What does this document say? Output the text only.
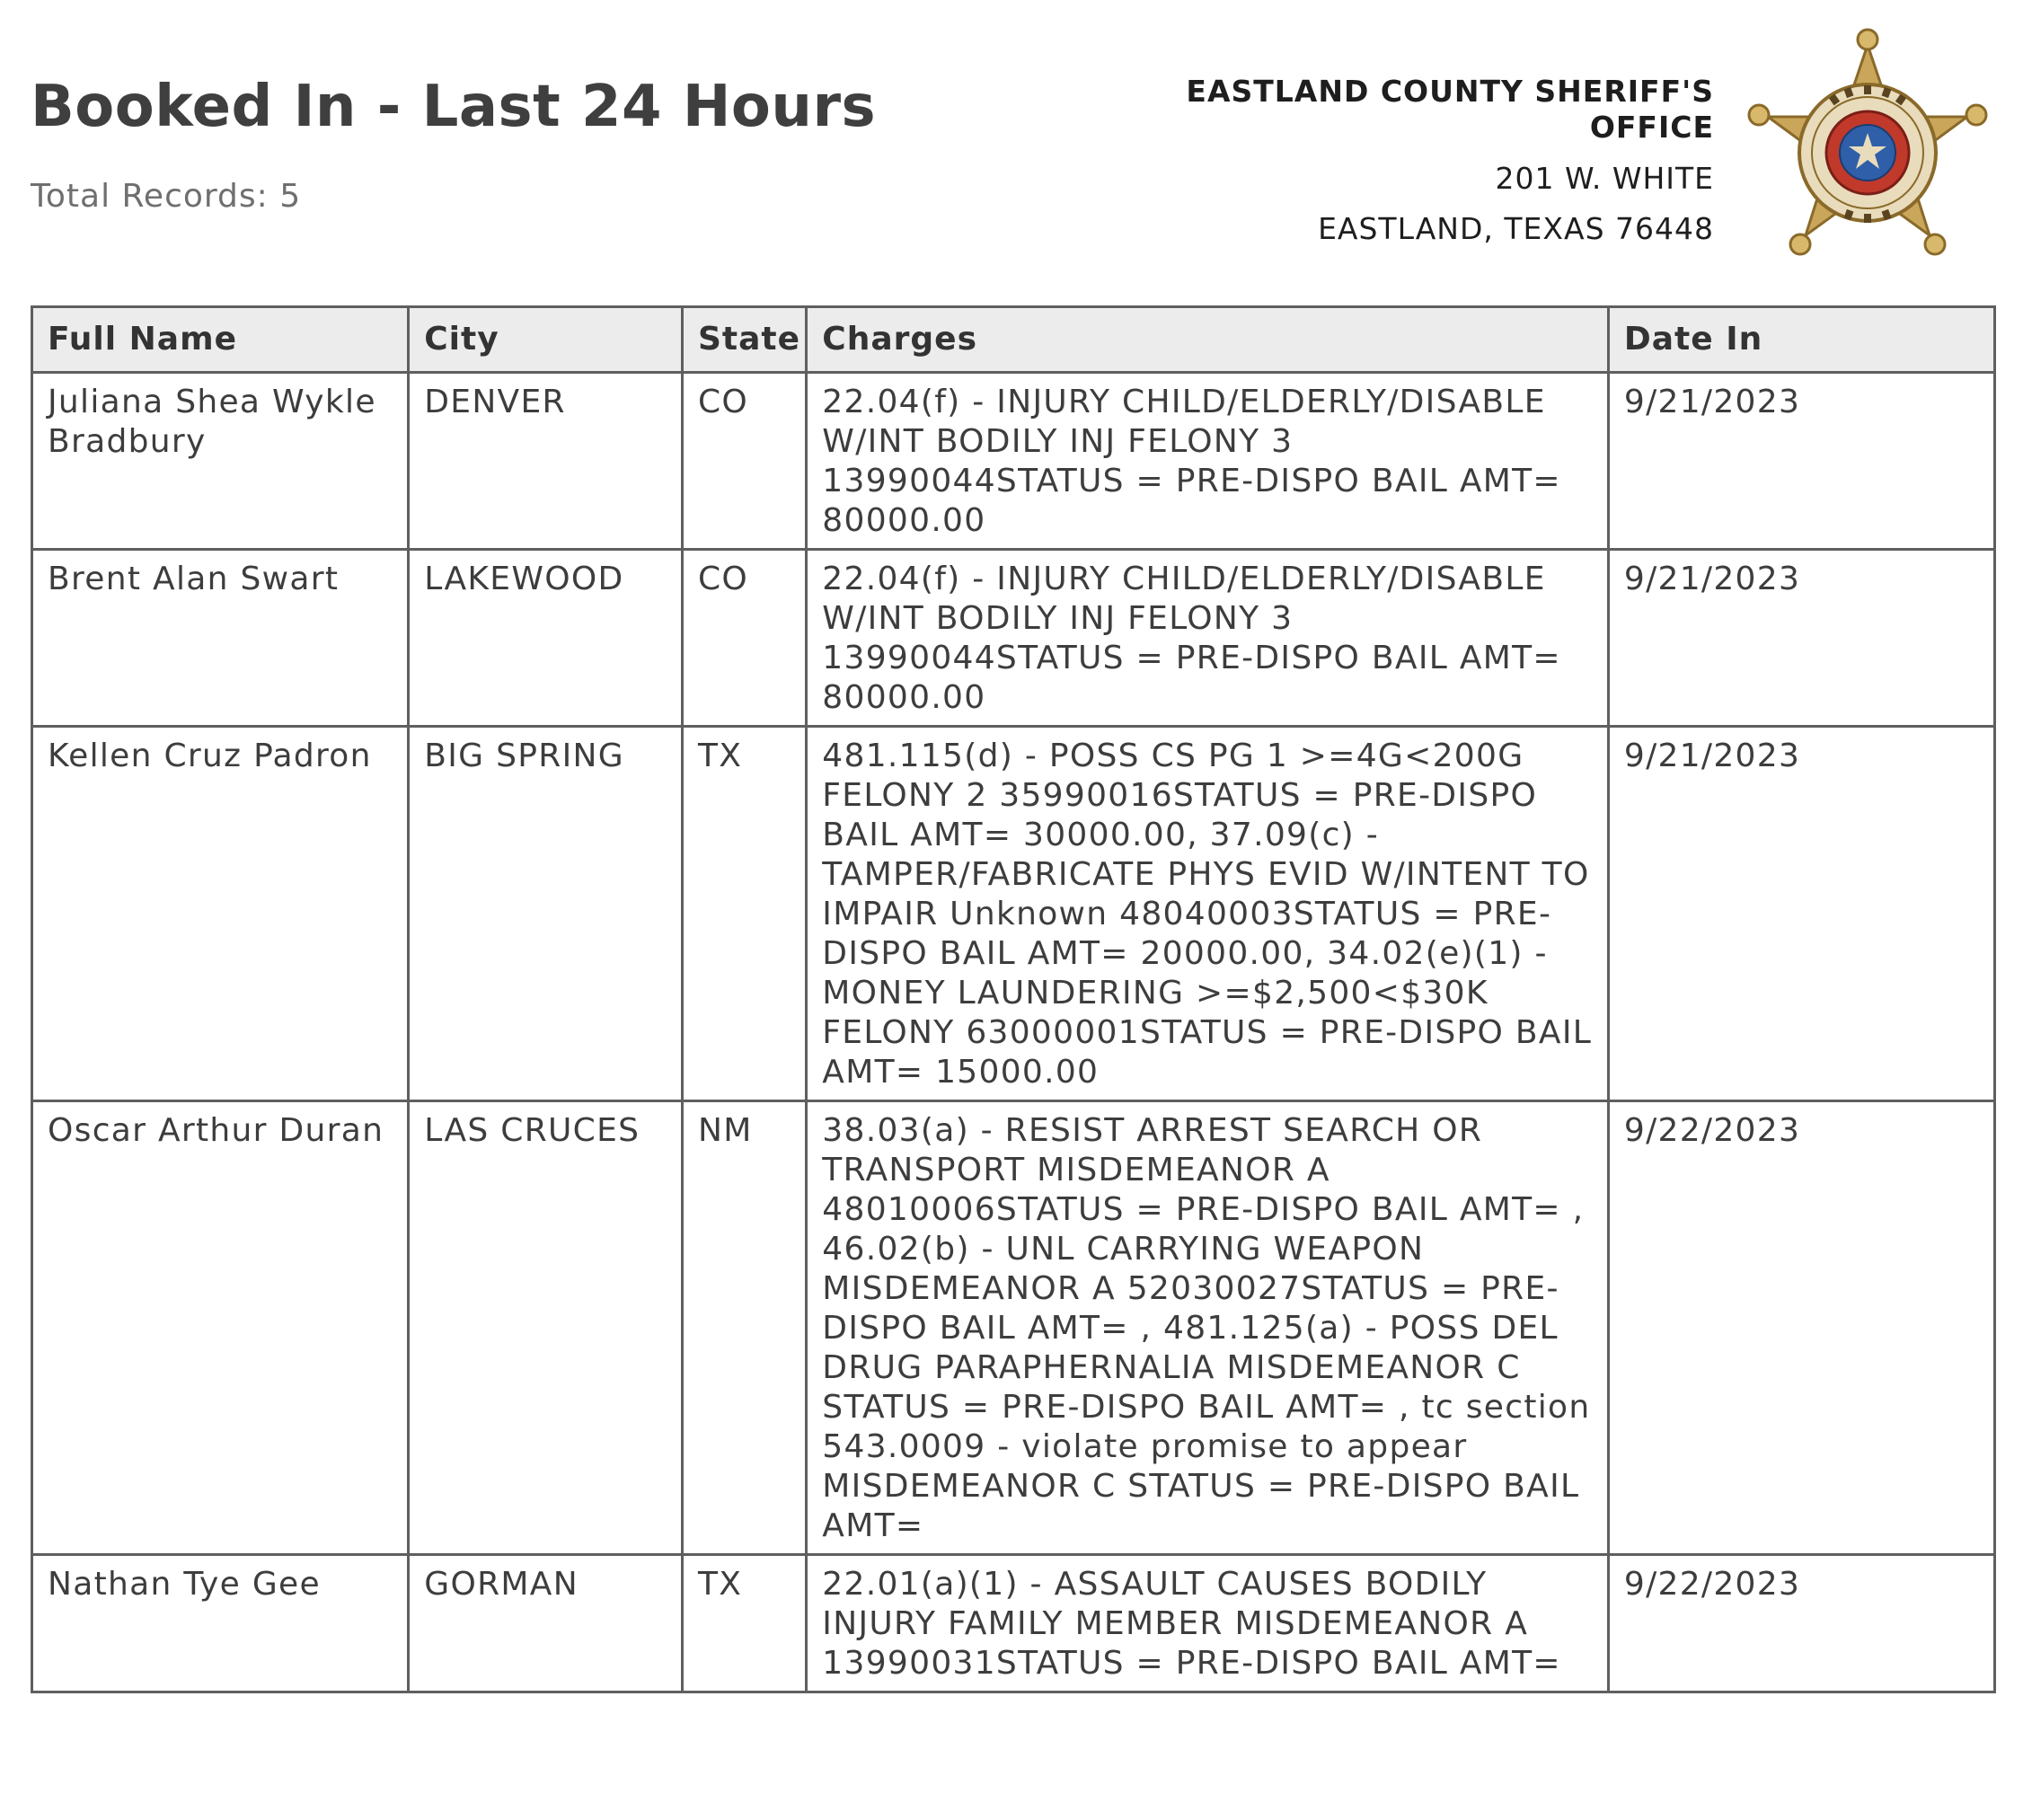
Booked In - Last 24 Hours
Total Records: 5
EASTLAND COUNTY SHERIFF'S OFFICE
201 W. WHITE
EASTLAND, TEXAS 76448
Full Name	City	State	Charges	Date In
Juliana Shea Wykle Bradbury	DENVER	CO	22.04(f) - INJURY CHILD/ELDERLY/DISABLE W/INT BODILY INJ FELONY 3 13990044STATUS = PRE-DISPO BAIL AMT= 80000.00	9/21/2023
Brent Alan Swart	LAKEWOOD	CO	22.04(f) - INJURY CHILD/ELDERLY/DISABLE W/INT BODILY INJ FELONY 3 13990044STATUS = PRE-DISPO BAIL AMT= 80000.00	9/21/2023
Kellen Cruz Padron	BIG SPRING	TX	481.115(d) - POSS CS PG 1 >=4G<200G FELONY 2 35990016STATUS = PRE-DISPO BAIL AMT= 30000.00, 37.09(c) - TAMPER/FABRICATE PHYS EVID W/INTENT TO IMPAIR Unknown 48040003STATUS = PRE-DISPO BAIL AMT= 20000.00, 34.02(e)(1) - MONEY LAUNDERING >=$2,500<$30K FELONY 63000001STATUS = PRE-DISPO BAIL AMT= 15000.00	9/21/2023
Oscar Arthur Duran	LAS CRUCES	NM	38.03(a) - RESIST ARREST SEARCH OR TRANSPORT MISDEMEANOR A 48010006STATUS = PRE-DISPO BAIL AMT= , 46.02(b) - UNL CARRYING WEAPON MISDEMEANOR A 52030027STATUS = PRE-DISPO BAIL AMT= , 481.125(a) - POSS DEL DRUG PARAPHERNALIA MISDEMEANOR C STATUS = PRE-DISPO BAIL AMT= , tc section 543.0009 - violate promise to appear MISDEMEANOR C STATUS = PRE-DISPO BAIL AMT=	9/22/2023
Nathan Tye Gee	GORMAN	TX	22.01(a)(1) - ASSAULT CAUSES BODILY INJURY FAMILY MEMBER MISDEMEANOR A 13990031STATUS = PRE-DISPO BAIL AMT=	9/22/2023
